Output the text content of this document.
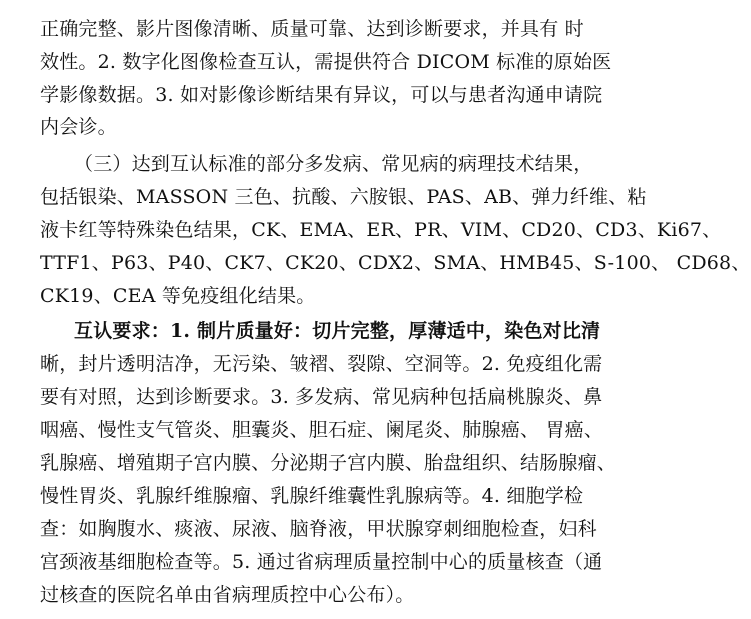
正确完整、影片图像清晰、质量可靠、达到诊断要求，并具有 时
效性。2. 数字化图像检查互认，需提供符合 DICOM 标准的原始医
学影像数据。3. 如对影像诊断结果有异议，可以与患者沟通申请院
内会诊。
（三）达到互认标准的部分多发病、常见病的病理技术结果，
包括银染、MASSON 三色、抗酸、六胺银、PAS、AB、弹力纤维、粘
液卡红等特殊染色结果，CK、EMA、ER、PR、VIM、CD20、CD3、Ki67、
TTF1、P63、P40、CK7、CK20、CDX2、SMA、HMB45、S-100、 CD68、
CK19、CEA 等免疫组化结果。
互认要求：1. 制片质量好：切片完整，厚薄适中，染色对比清
晰，封片透明洁净，无污染、皱褶、裂隙、空洞等。2. 免疫组化需
要有对照，达到诊断要求。3. 多发病、常见病种包括扁桃腺炎、鼻
咽癌、慢性支气管炎、胆囊炎、胆石症、阑尾炎、肺腺癌、 胃癌、
乳腺癌、增殖期子宫内膜、分泌期子宫内膜、胎盘组织、结肠腺瘤、
慢性胃炎、乳腺纤维腺瘤、乳腺纤维囊性乳腺病等。4. 细胞学检
查：如胸腹水、痰液、尿液、脑脊液，甲状腺穿刺细胞检查，妇科
宫颈液基细胞检查等。5. 通过省病理质量控制中心的质量核查（通
过核查的医院名单由省病理质控中心公布）。
